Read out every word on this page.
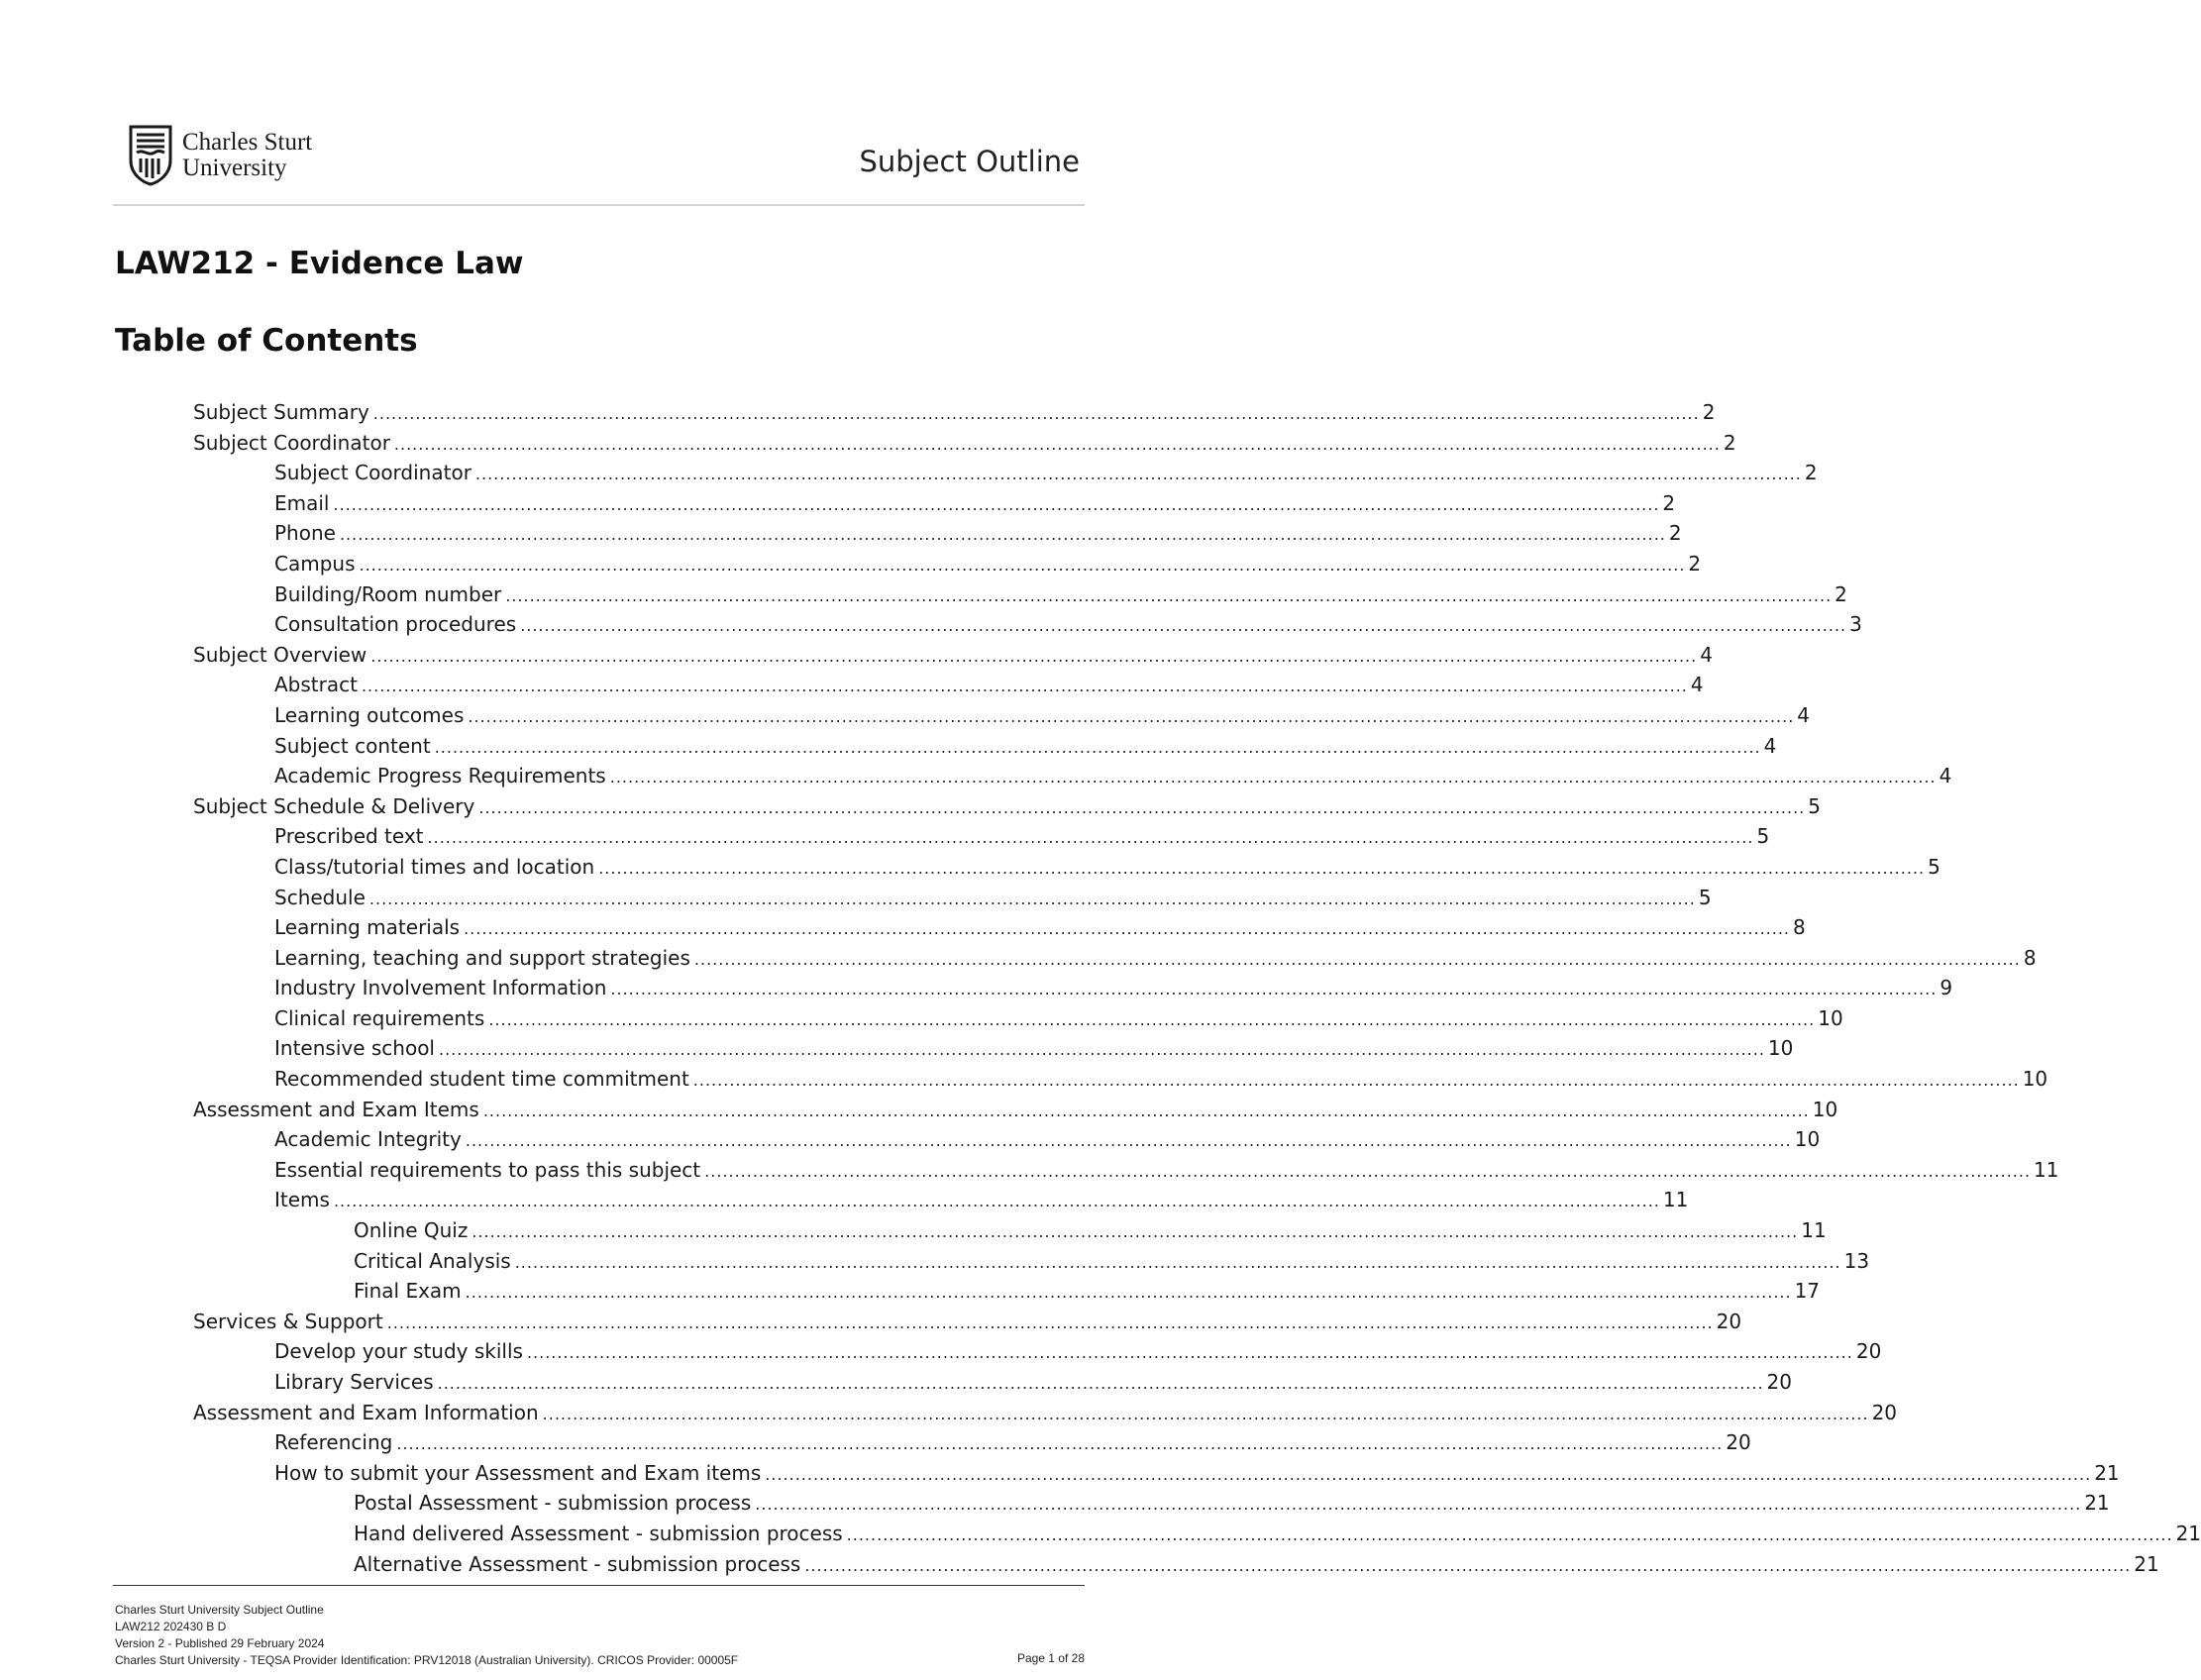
Charles Sturt
University	Subject Outline
LAW212 - Evidence Law
Table of Contents
Subject Summary ............................................................................................................................................................................................................................ 2
Subject Coordinator ............................................................................................................................................................................................................................ 2
Subject Coordinator ............................................................................................................................................................................................................................ 2
Email ............................................................................................................................................................................................................................ 2
Phone ............................................................................................................................................................................................................................ 2
Campus ............................................................................................................................................................................................................................ 2
Building/Room number ............................................................................................................................................................................................................................ 2
Consultation procedures ............................................................................................................................................................................................................................ 3
Subject Overview ............................................................................................................................................................................................................................ 4
Abstract ............................................................................................................................................................................................................................ 4
Learning outcomes ............................................................................................................................................................................................................................ 4
Subject content ............................................................................................................................................................................................................................ 4
Academic Progress Requirements ............................................................................................................................................................................................................................ 4
Subject Schedule & Delivery ............................................................................................................................................................................................................................ 5
Prescribed text ............................................................................................................................................................................................................................ 5
Class/tutorial times and location ............................................................................................................................................................................................................................ 5
Schedule ............................................................................................................................................................................................................................ 5
Learning materials ............................................................................................................................................................................................................................ 8
Learning, teaching and support strategies ............................................................................................................................................................................................................................ 8
Industry Involvement Information ............................................................................................................................................................................................................................ 9
Clinical requirements ............................................................................................................................................................................................................................ 10
Intensive school ............................................................................................................................................................................................................................ 10
Recommended student time commitment ............................................................................................................................................................................................................................ 10
Assessment and Exam Items ............................................................................................................................................................................................................................ 10
Academic Integrity ............................................................................................................................................................................................................................ 10
Essential requirements to pass this subject ............................................................................................................................................................................................................................ 11
Items ............................................................................................................................................................................................................................ 11
Online Quiz ............................................................................................................................................................................................................................ 11
Critical Analysis ............................................................................................................................................................................................................................ 13
Final Exam ............................................................................................................................................................................................................................ 17
Services & Support ............................................................................................................................................................................................................................ 20
Develop your study skills ............................................................................................................................................................................................................................ 20
Library Services ............................................................................................................................................................................................................................ 20
Assessment and Exam Information ............................................................................................................................................................................................................................ 20
Referencing ............................................................................................................................................................................................................................ 20
How to submit your Assessment and Exam items ............................................................................................................................................................................................................................ 21
Postal Assessment - submission process ............................................................................................................................................................................................................................ 21
Hand delivered Assessment - submission process ............................................................................................................................................................................................................................ 21
Alternative Assessment - submission process ............................................................................................................................................................................................................................ 21
Charles Sturt University Subject Outline
LAW212 202430 B D
Version 2 - Published 29 February 2024
Charles Sturt University - TEQSA Provider Identification: PRV12018 (Australian University). CRICOS Provider: 00005F	Page 1 of 28
